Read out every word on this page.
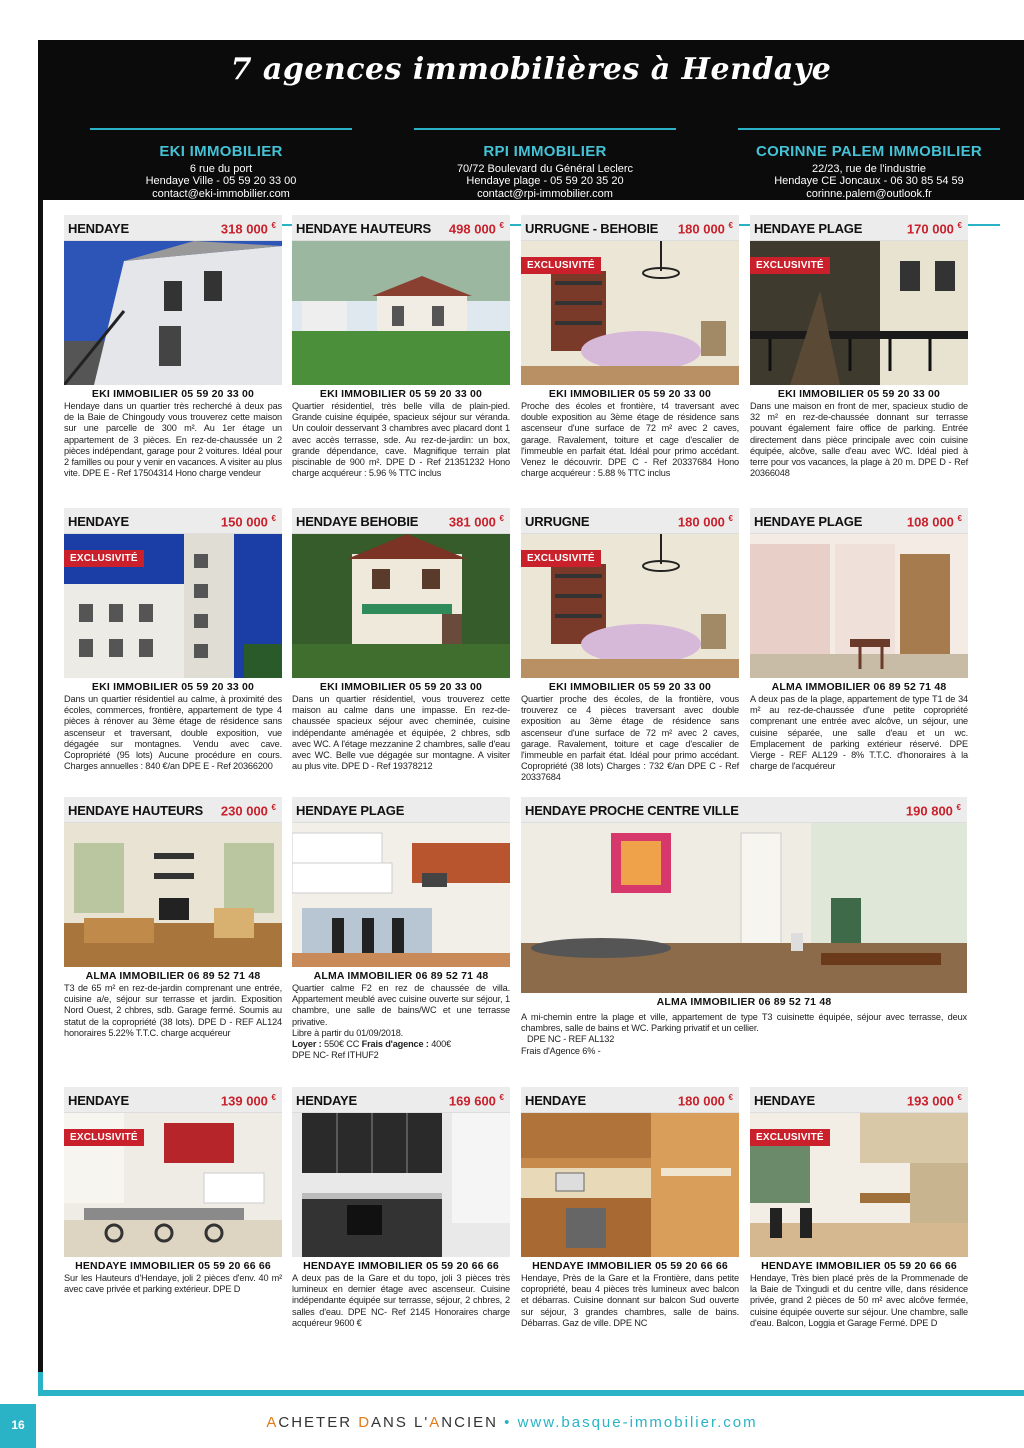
7 agences immobilières à Hendaye
EKI IMMOBILIER
6 rue du port
Hendaye Ville - 05 59 20 33 00
contact@eki-immobilier.com
RPI IMMOBILIER
70/72 Boulevard du Général Leclerc
Hendaye plage - 05 59 20 35 20
contact@rpi-immobilier.com
CORINNE PALEM IMMOBILIER
22/23, rue de l'industrie
Hendaye CE Joncaux - 06 30 85 54 59
corinne.palem@outlook.fr
HENDAYE	318 000 €
EKI IMMOBILIER 05 59 20 33 00
Hendaye dans un quartier très recherché à deux pas de la Baie de Chingoudy vous trouverez cette maison sur une parcelle de 300 m². Au 1er étage un appartement de 3 pièces. En rez-de-chaussée un 2 pièces indépendant, garage pour 2 voitures. Idéal pour 2 familles ou pour y venir en vacances. A visiter au plus vite. DPE E - Ref 17504314 Hono charge vendeur
HENDAYE HAUTEURS 498 000 €
EKI IMMOBILIER 05 59 20 33 00
Quartier résidentiel, très belle villa de plain-pied. Grande cuisine équipée, spacieux séjour sur véranda. Un couloir desservant 3 chambres avec placard dont 1 avec accès terrasse, sde. Au rez-de-jardin: un box, grande dépendance, cave. Magnifique terrain plat piscinable de 900 m². DPE D - Ref 21351232 Hono charge acquéreur : 5.96 % TTC inclus
URRUGNE - BEHOBIE 180 000 €
EXCLUSIVITÉ
EKI IMMOBILIER 05 59 20 33 00
Proche des écoles et frontière, t4 traversant avec double exposition au 3ème étage de résidence sans ascenseur d'une surface de 72 m² avec 2 caves, garage. Ravalement, toiture et cage d'escalier de l'immeuble en parfait état. Idéal pour primo accédant. Venez le découvrir. DPE C - Ref 20337684 Hono charge acquéreur : 5.88 % TTC inclus
HENDAYE PLAGE	170 000 €
EXCLUSIVITÉ
EKI IMMOBILIER 05 59 20 33 00
Dans une maison en front de mer, spacieux studio de 32 m² en rez-de-chaussée donnant sur terrasse pouvant également faire office de parking. Entrée directement dans pièce principale avec coin cuisine équipée, alcôve, salle d'eau avec WC. Idéal pied à terre pour vos vacances, la plage à 20 m. DPE D - Ref 20366048
HENDAYE	150 000 €
EXCLUSIVITÉ
EKI IMMOBILIER 05 59 20 33 00
Dans un quartier résidentiel au calme, à proximité des écoles, commerces, frontière, appartement de type 4 pièces à rénover au 3ème étage de résidence sans ascenseur et traversant, double exposition, vue dégagée sur montagnes. Vendu avec cave. Copropriété (95 lots) Aucune procédure en cours. Charges annuelles : 840 €/an DPE E - Ref 20366200
HENDAYE BEHOBIE 381 000 €
EKI IMMOBILIER 05 59 20 33 00
Dans un quartier résidentiel, vous trouverez cette maison au calme dans une impasse. En rez-de-chaussée spacieux séjour avec cheminée, cuisine indépendante aménagée et équipée, 2 chbres, sdb avec WC. A l'étage mezzanine 2 chambres, salle d'eau avec WC. Belle vue dégagée sur montagne. A visiter au plus vite. DPE D - Ref 19378212
URRUGNE	180 000 €
EXCLUSIVITÉ
EKI IMMOBILIER 05 59 20 33 00
Quartier proche des écoles, de la frontière, vous trouverez ce 4 pièces traversant avec double exposition au 3ème étage de résidence sans ascenseur d'une surface de 72 m² avec 2 caves, garage. Ravalement, toiture et cage d'escalier de l'immeuble en parfait état. Idéal pour primo accédant. Copropriété (38 lots) Charges : 732 €/an DPE C - Ref 20337684
HENDAYE PLAGE	108 000 €
ALMA IMMOBILIER 06 89 52 71 48
A deux pas de la plage, appartement de type T1 de 34 m² au rez-de-chaussée d'une petite copropriété comprenant une entrée avec alcôve, un séjour, une cuisine séparée, une salle d'eau et un wc. Emplacement de parking extérieur réservé. DPE Vierge - REF AL129 - 8% T.T.C. d'honoraires à la charge de l'acquéreur
HENDAYE HAUTEURS 230 000 €
ALMA IMMOBILIER 06 89 52 71 48
T3 de 65 m² en rez-de-jardin comprenant une entrée, cuisine a/e, séjour sur terrasse et jardin. Exposition Nord Ouest, 2 chbres, sdb. Garage fermé. Soumis au statut de la copropriété (38 lots). DPE D - REF AL124 honoraires 5.22% T.T.C. charge acquéreur
HENDAYE PLAGE
ALMA IMMOBILIER 06 89 52 71 48
Quartier calme F2 en rez de chaussée de villa. Appartement meublé avec cuisine ouverte sur séjour, 1 chambre, une salle de bains/WC et une terrasse privative.
Libre à partir du 01/09/2018.
Loyer : 550€ CC Frais d'agence : 400€
DPE NC- Ref ITHUF2
HENDAYE PROCHE CENTRE VILLE	190 800 €
ALMA IMMOBILIER 06 89 52 71 48
A mi-chemin entre la plage et ville, appartement de type T3 cuisinette équipée, séjour avec terrasse, deux chambres, salle de bains et WC. Parking privatif et un cellier.
DPE NC - REF AL132
Frais d'Agence 6% -
HENDAYE	139 000 €
EXCLUSIVITÉ
HENDAYE IMMOBILIER 05 59 20 66 66
Sur les Hauteurs d'Hendaye, joli 2 pièces d'env. 40 m² avec cave privée et parking extérieur. DPE D
HENDAYE	169 600 €
HENDAYE IMMOBILIER 05 59 20 66 66
A deux pas de la Gare et du topo, joli 3 pièces très lumineux en dernier étage avec ascenseur. Cuisine indépendante équipée sur terrasse, séjour, 2 chbres, 2 salles d'eau. DPE NC- Ref 2145 Honoraires charge acquéreur 9600 €
HENDAYE	180 000 €
HENDAYE IMMOBILIER 05 59 20 66 66
Hendaye, Près de la Gare et la Frontière, dans petite copropriété, beau 4 pièces très lumineux avec balcon et débarras. Cuisine donnant sur balcon Sud ouverte sur séjour, 3 grandes chambres, salle de bains. Débarras. Gaz de ville. DPE NC
HENDAYE	193 000 €
EXCLUSIVITÉ
HENDAYE IMMOBILIER 05 59 20 66 66
Hendaye, Très bien placé près de la Prommenade de la Baie de Txingudi et du centre ville, dans résidence privée, grand 2 pièces de 50 m² avec alcôve fermée, cuisine équipée ouverte sur séjour. Une chambre, salle d'eau. Balcon, Loggia et Garage Fermé. DPE D
16	ACHETER DANS L'ANCIEN • www.basque-immobilier.com
